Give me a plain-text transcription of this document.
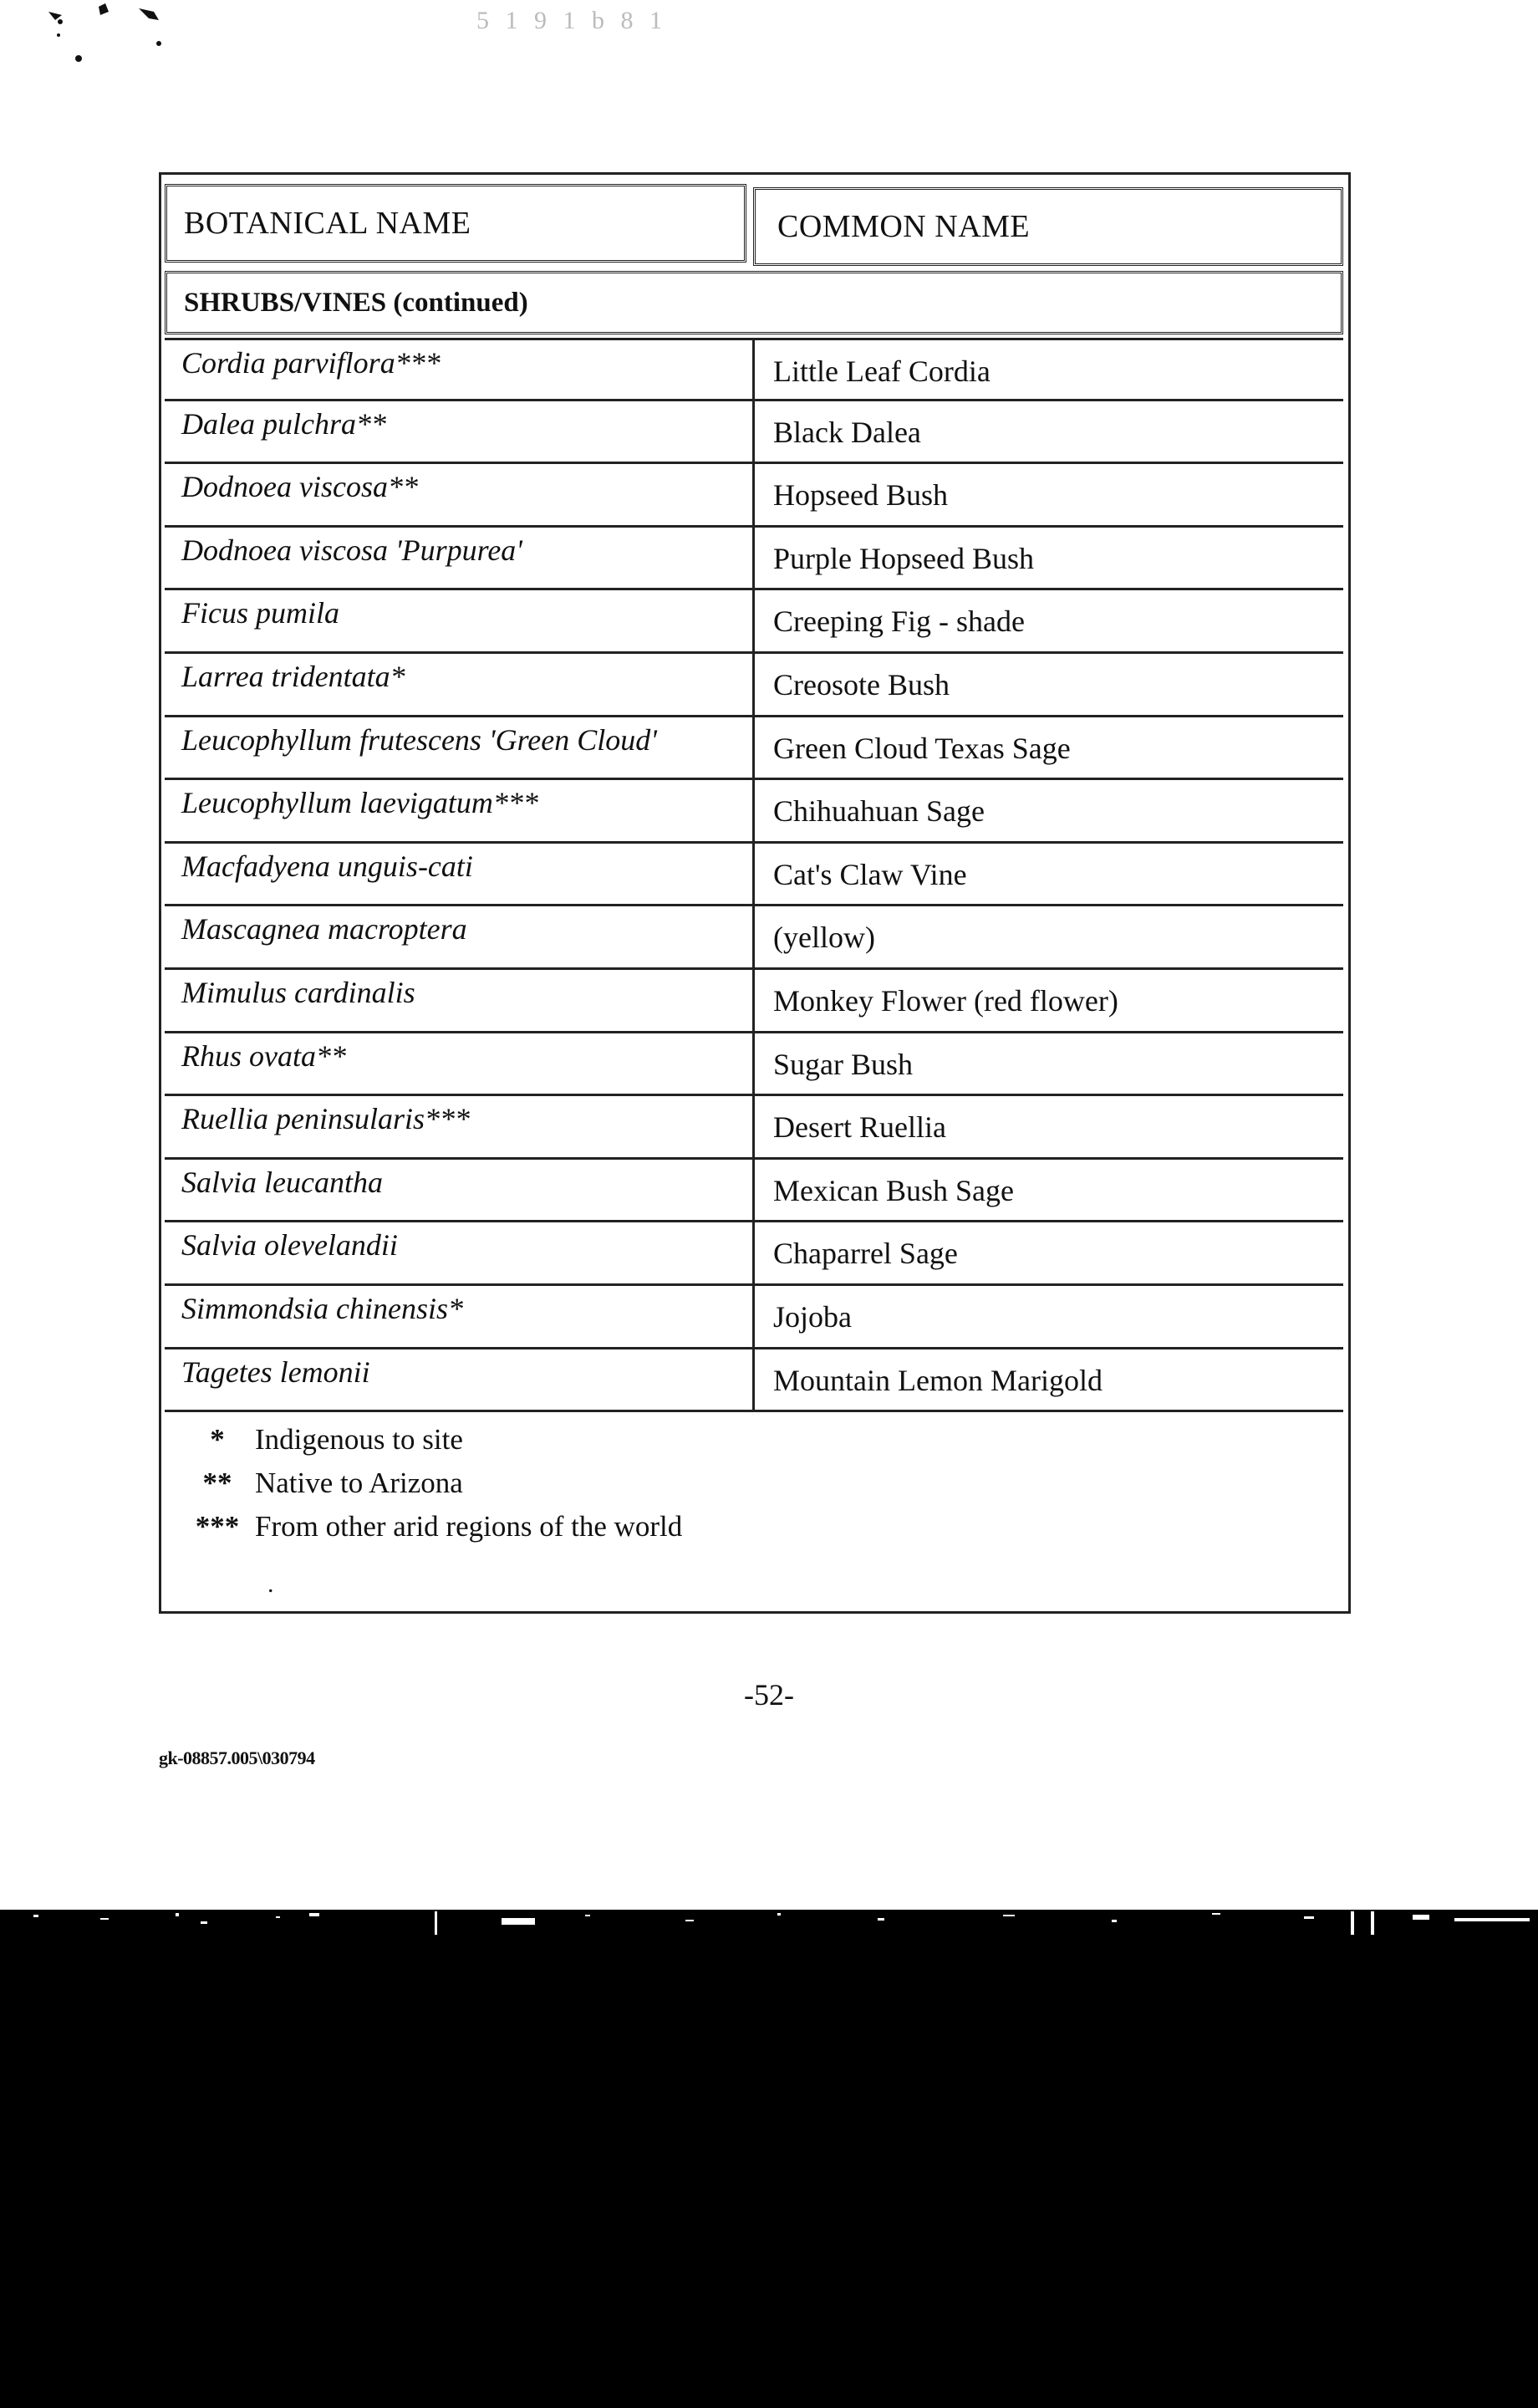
5 1 9 1 b 8 1
BOTANICAL NAME	COMMON NAME
SHRUBS/VINES (continued)
Cordia parviflora***	Little Leaf Cordia
Dalea pulchra**	Black Dalea
Dodnoea viscosa**	Hopseed Bush
Dodnoea viscosa 'Purpurea'	Purple Hopseed Bush
Ficus pumila	Creeping Fig - shade
Larrea tridentata*	Creosote Bush
Leucophyllum frutescens 'Green Cloud'	Green Cloud Texas Sage
Leucophyllum laevigatum***	Chihuahuan Sage
Macfadyena unguis-cati	Cat's Claw Vine
Mascagnea macroptera	(yellow)
Mimulus cardinalis	Monkey Flower (red flower)
Rhus ovata**	Sugar Bush
Ruellia peninsularis***	Desert Ruellia
Salvia leucantha	Mexican Bush Sage
Salvia olevelandii	Chaparrel Sage
Simmondsia chinensis*	Jojoba
Tagetes lemonii	Mountain Lemon Marigold
*	Indigenous to site
** Native to Arizona
*** From other arid regions of the world
.
-52-
gk-08857.005\030794
